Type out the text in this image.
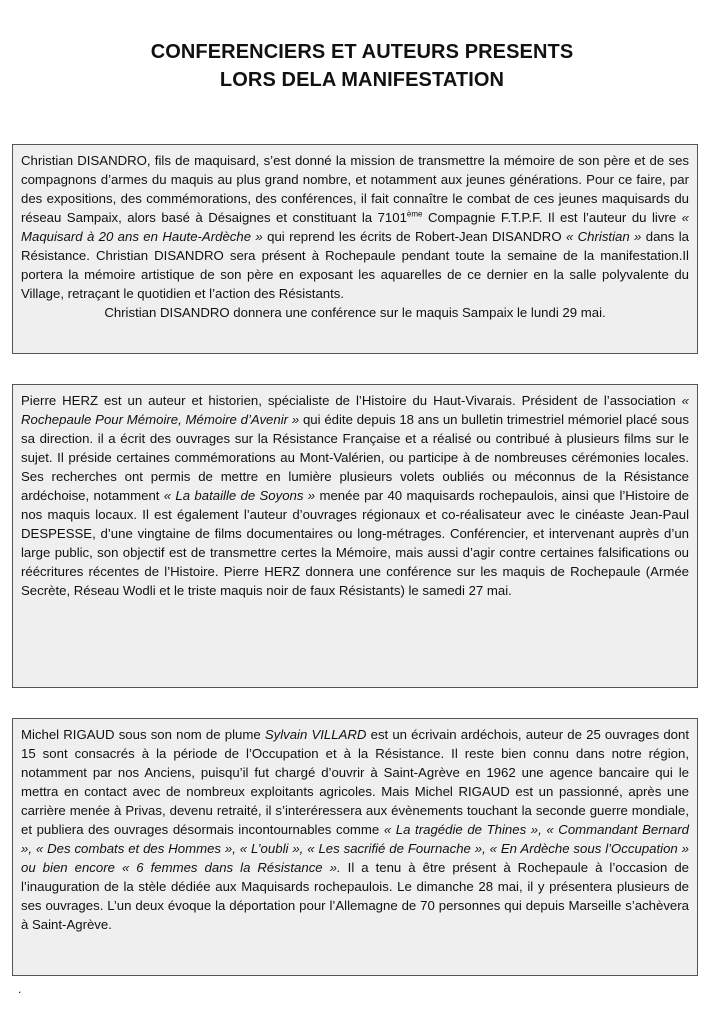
CONFERENCIERS ET AUTEURS PRESENTS
LORS DELA MANIFESTATION
Christian DISANDRO, fils de maquisard, s’est donné la mission de transmettre la mémoire de son père et de ses compagnons d’armes du maquis au plus grand nombre, et notamment aux jeunes générations. Pour ce faire, par des expositions, des commémorations, des conférences, il fait connaître le combat de ces jeunes maquisards du réseau Sampaix, alors basé à Désaignes et constituant la 7101ème Compagnie F.T.P.F. Il est l’auteur du livre « Maquisard à 20 ans en Haute-Ardèche » qui reprend les écrits de Robert-Jean DISANDRO « Christian » dans la Résistance. Christian DISANDRO sera présent à Rochepaule pendant toute la semaine de la manifestation.Il portera la mémoire artistique de son père en exposant les aquarelles de ce dernier en la salle polyvalente du Village, retraçant le quotidien et l’action des Résistants.
Christian DISANDRO donnera une conférence sur le maquis Sampaix le lundi 29 mai.
Pierre HERZ est un auteur et historien, spécialiste de l’Histoire du Haut-Vivarais. Président de l’association « Rochepaule Pour Mémoire, Mémoire d’Avenir » qui édite depuis 18 ans un bulletin trimestriel mémoriel placé sous sa direction. il a écrit des ouvrages sur la Résistance Française et a réalisé ou contribué à plusieurs films sur le sujet. Il préside certaines commémorations au Mont-Valérien, ou participe à de nombreuses cérémonies locales. Ses recherches ont permis de mettre en lumière plusieurs volets oubliés ou méconnus de la Résistance ardéchoise, notamment « La bataille de Soyons » menée par 40 maquisards rochepaulois, ainsi que l’Histoire de nos maquis locaux. Il est également l’auteur d’ouvrages régionaux et co-réalisateur avec le cinéaste Jean-Paul DESPESSE, d’une vingtaine de films documentaires ou long-métrages. Conférencier, et intervenant auprès d’un large public, son objectif est de transmettre certes la Mémoire, mais aussi d’agir contre certaines falsifications ou réécritures récentes de l’Histoire. Pierre HERZ donnera une conférence sur les maquis de Rochepaule (Armée Secrète, Réseau Wodli et le triste maquis noir de faux Résistants) le samedi 27 mai.
Michel RIGAUD sous son nom de plume Sylvain VILLARD est un écrivain ardéchois, auteur de 25 ouvrages dont 15 sont consacrés à la période de l’Occupation et à la Résistance. Il reste bien connu dans notre région, notamment par nos Anciens, puisqu’il fut chargé d’ouvrir à Saint-Agrève en 1962 une agence bancaire qui le mettra en contact avec de nombreux exploitants agricoles. Mais Michel RIGAUD est un passionné, après une carrière menée à Privas, devenu retraité, il s’interéressera aux évènements touchant la seconde guerre mondiale, et publiera des ouvrages désormais incontournables comme « La tragédie de Thines », « Commandant Bernard », « Des combats et des Hommes », « L’oubli », « Les sacrifié de Fournache », « En Ardèche sous l’Occupation » ou bien encore « 6 femmes dans la Résistance ». Il a tenu à être présent à Rochepaule à l’occasion de l’inauguration de la stèle dédiée aux Maquisards rochepaulois. Le dimanche 28 mai, il y présentera plusieurs de ses ouvrages. L’un deux évoque la déportation pour l’Allemagne de 70 personnes qui depuis Marseille s’achèvera à Saint-Agrève.
.
